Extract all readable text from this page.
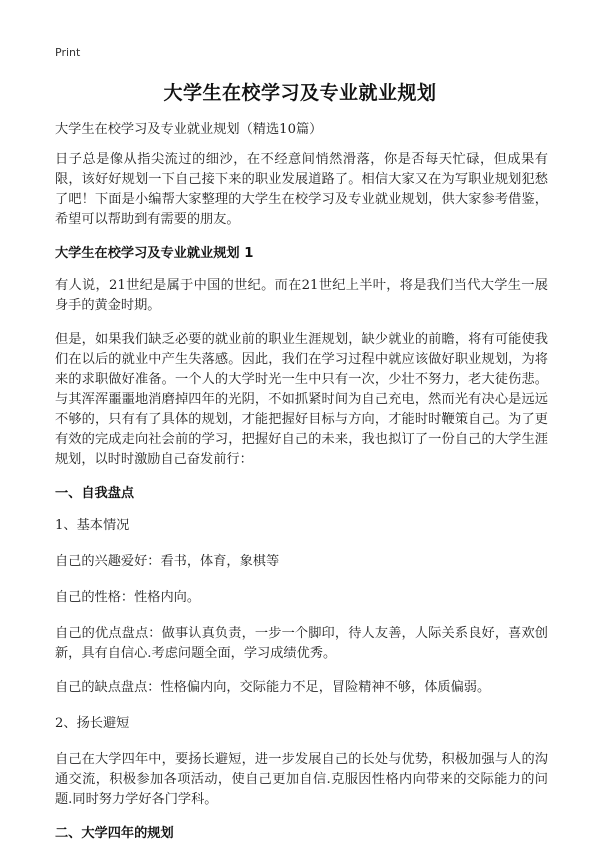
Print
大学生在校学习及专业就业规划

大学生在校学习及专业就业规划（精选10篇）

日子总是像从指尖流过的细沙，在不经意间悄然滑落，你是否每天忙碌，但成果有限，该好好规划一下自己接下来的职业发展道路了。相信大家又在为写职业规划犯愁了吧！下面是小编帮大家整理的大学生在校学习及专业就业规划，供大家参考借鉴，希望可以帮助到有需要的朋友。

大学生在校学习及专业就业规划 1

有人说，21世纪是属于中国的世纪。而在21世纪上半叶，将是我们当代大学生一展身手的黄金时期。

但是，如果我们缺乏必要的就业前的职业生涯规划，缺少就业的前瞻，将有可能使我们在以后的就业中产生失落感。因此，我们在学习过程中就应该做好职业规划，为将来的求职做好准备。一个人的大学时光一生中只有一次，少壮不努力，老大徒伤悲。与其浑浑噩噩地消磨掉四年的光阴，不如抓紧时间为自己充电，然而光有决心是远远不够的，只有有了具体的规划，才能把握好目标与方向，才能时时鞭策自己。为了更有效的完成走向社会前的学习，把握好自己的未来，我也拟订了一份自己的大学生涯规划，以时时激励自己奋发前行：

一、自我盘点

1、基本情况

自己的兴趣爱好：看书，体育，象棋等

自己的性格：性格内向。

自己的优点盘点：做事认真负责，一步一个脚印，待人友善，人际关系良好，喜欢创新，具有自信心.考虑问题全面，学习成绩优秀。

自己的缺点盘点：性格偏内向，交际能力不足，冒险精神不够，体质偏弱。

2、扬长避短

自己在大学四年中，要扬长避短，进一步发展自己的长处与优势，积极加强与人的沟通交流，积极参加各项活动，使自己更加自信.克服因性格内向带来的交际能力的问题.同时努力学好各门学科。

二、大学四年的规划
